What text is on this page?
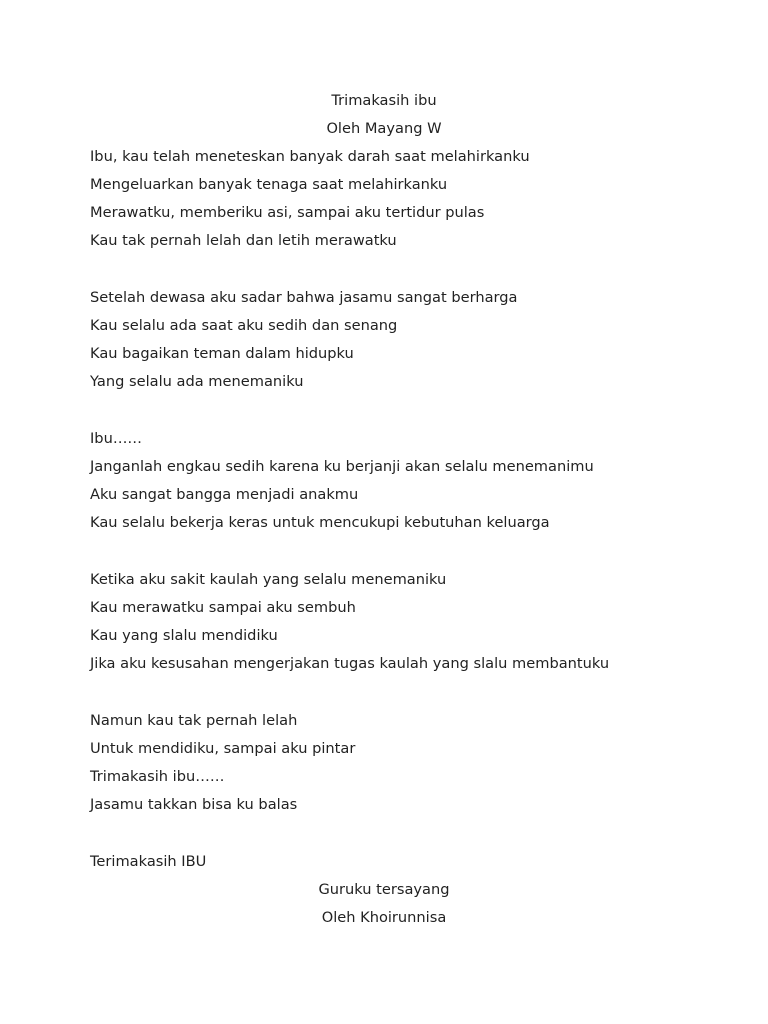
Trimakasih ibu
Oleh Mayang W
Ibu, kau telah meneteskan banyak darah saat melahirkanku
Mengeluarkan banyak tenaga saat melahirkanku
Merawatku, memberiku asi, sampai aku tertidur pulas
Kau tak pernah lelah dan letih merawatku
Setelah dewasa aku sadar bahwa jasamu sangat berharga
Kau selalu ada saat aku sedih dan senang
Kau bagaikan teman dalam hidupku
Yang selalu ada menemaniku
Ibu……
Janganlah engkau sedih karena ku berjanji akan selalu menemanimu
Aku sangat bangga menjadi anakmu
Kau selalu bekerja keras untuk mencukupi kebutuhan keluarga
Ketika aku sakit kaulah yang selalu menemaniku
Kau merawatku sampai aku sembuh
Kau yang slalu mendidiku
Jika aku kesusahan mengerjakan tugas kaulah yang slalu membantuku
Namun kau tak pernah lelah
Untuk mendidiku, sampai aku pintar
Trimakasih ibu……
Jasamu takkan bisa ku balas
Terimakasih IBU
Guruku tersayang
Oleh Khoirunnisa
